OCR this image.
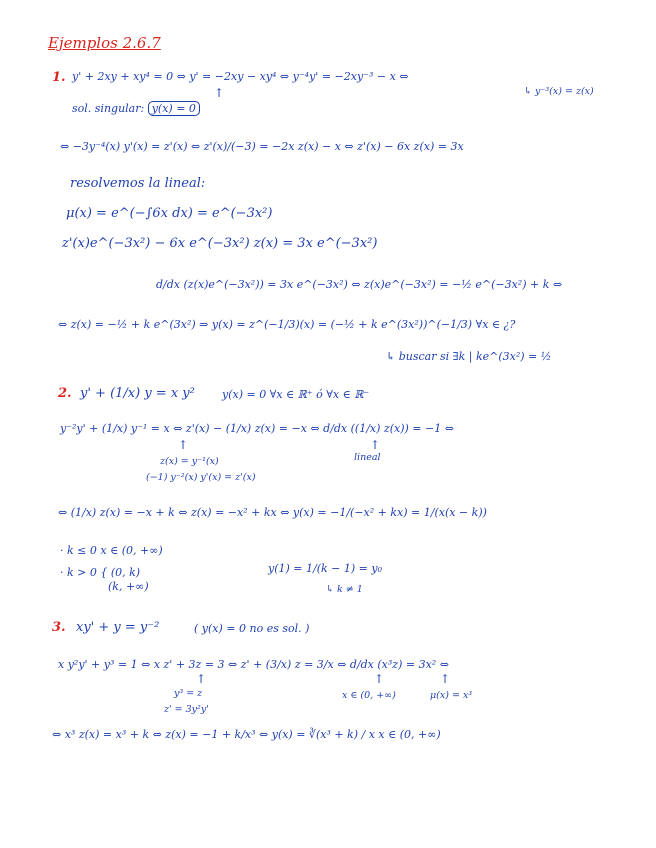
Ejemplos 2.6.7
1. y' + 2xy + xy⁴ = 0 ⇔ y' = −2xy − xy⁴ ⇔ y⁻⁴y' = −2xy⁻³ − x ⇔
↳ y⁻³(x) = z(x)
↑
sol. singular: y(x) = 0
⇔ −3y⁻⁴(x) y'(x) = z'(x) ⇔ z'(x)/(−3) = −2x z(x) − x ⇔ z'(x) − 6x z(x) = 3x
resolvemos la lineal:
μ(x) = e^(−∫6x dx) = e^(−3x²)
z'(x)e^(−3x²) − 6x e^(−3x²) z(x) = 3x e^(−3x²)
d/dx (z(x)e^(−3x²)) = 3x e^(−3x²) ⇔ z(x)e^(−3x²) = −½ e^(−3x²) + k ⇔
⇔ z(x) = −½ + k e^(3x²) ⇒ y(x) = z^(−1/3)(x) = (−½ + k e^(3x²))^(−1/3) ∀x ∈ ¿?
↳ buscar si ∃k | ke^(3x²) = ½
2. y' + (1/x) y = x y² y(x) = 0 ∀x ∈ ℝ⁺ ó ∀x ∈ ℝ⁻
y⁻²y' + (1/x) y⁻¹ = x ⇔ z'(x) − (1/x) z(x) = −x ⇔ d/dx ((1/x) z(x)) = −1 ⇔
↑	↑
lineal
z(x) = y⁻¹(x)
(−1) y⁻²(x) y'(x) = z'(x)
⇔ (1/x) z(x) = −x + k ⇔ z(x) = −x² + kx ⇔ y(x) = −1/(−x² + kx) = 1/(x(x − k))
· k ≤ 0 x ∈ (0, +∞)
· k > 0 { (0, k)
(k, +∞)
y(1) = 1/(k − 1) = y₀
↳ k ≠ 1
3. xy' + y = y⁻²	( y(x) = 0 no es sol. )
x y²y' + y³ = 1 ⇔ x z' + 3z = 3 ⇔ z' + (3/x) z = 3/x ⇔ d/dx (x³z) = 3x² ⇔
↑	↑	↑
y³ = z
z' = 3y²y'
x ∈ (0, +∞)	μ(x) = x³
⇔ x³ z(x) = x³ + k ⇔ z(x) = −1 + k/x³ ⇔ y(x) = ∛(x³ + k) / x x ∈ (0, +∞)
